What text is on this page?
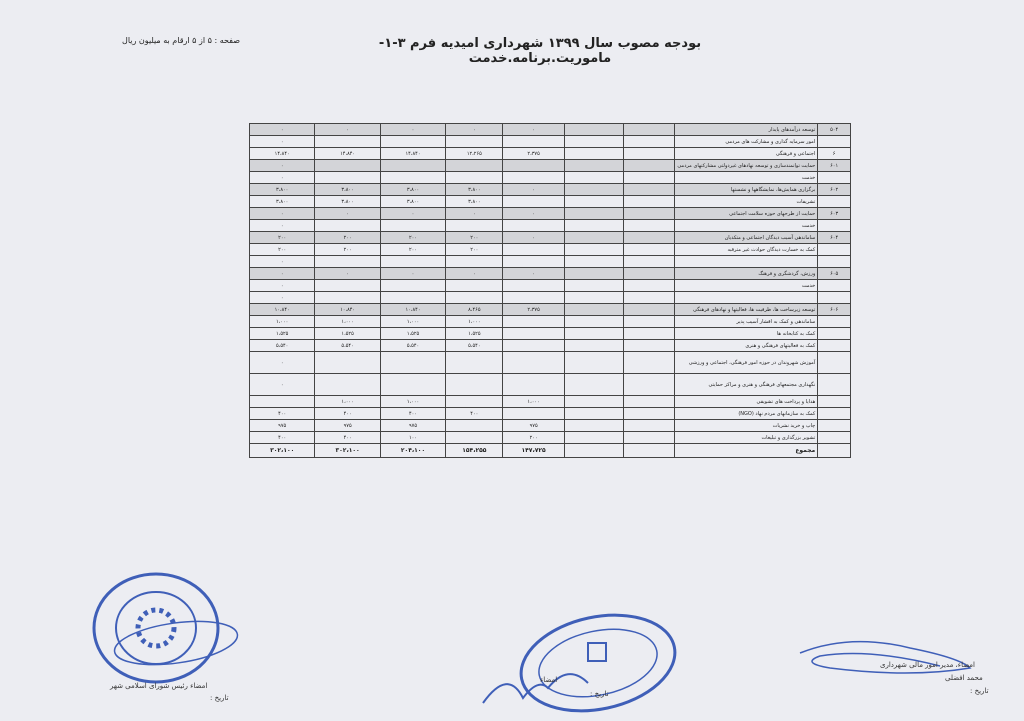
بودجه مصوب سال ۱۳۹۹ شهرداری امیدیه فرم ۳-۱-ماموریت.برنامه.خدمت
صفحه : ۵ از ۵ ارقام به میلیون ریال
۰	۰	۰	۰	۰			توسعه درآمدهای پایدار	۵۰۴
۰							امور سرمایه گذاری و مشارکت های مردمی	
۱۴،۸۴۰	۱۴،۸۴۰	۱۴،۸۴۰	۱۲،۲۶۵	۲،۳۷۵			اجتماعی و فرهنگی	۶
۰							حمایت توانمندسازی و توسعه نهادهای غیردولتی مشارکتهای مردمی	۶۰۱
۰							خدمت	
۳،۸۰۰	۳،۸۰۰	۳،۸۰۰	۳،۸۰۰	۰			برگزاری همایش‌ها، نمایشگاهها و نشستها	۶۰۲
۳،۸۰۰	۳،۸۰۰	۳،۸۰۰	۳،۸۰۰				تشریفات	
۰	۰	۰	۰	۰			حمایت از طرحهای حوزه سلامت اجتماعی	۶۰۳
۰							خدمت	
۲۰۰	۲۰۰	۲۰۰	۲۰۰	۰			ساماندهی آسیب دیدگان اجتماعی و متکدیان	۶۰۴
۲۰۰	۲۰۰	۲۰۰	۲۰۰				کمک به خسارت دیدگان حوادث غیر مترقبه	
۰								
۰	۰	۰	۰	۰			ورزش، گردشگری و فرهنگ	۶۰۵
۰							خدمت	
۰								
۱۰،۸۴۰	۱۰،۸۴۰	۱۰،۸۴۰	۸،۴۶۵	۲،۳۷۵			توسعه زیرساخت ها، ظرفیت ها، فعالیتها و نهادهای فرهنگی	۶۰۶
۱،۰۰۰	۱،۰۰۰	۱،۰۰۰	۱،۰۰۰				ساماندهی و کمک به اقشار آسیب پذیر	
۱،۵۲۵	۱،۵۲۵	۱،۵۲۵	۱،۵۲۵				کمک به کتابخانه ها	
۵،۵۴۰	۵،۵۴۰	۵،۵۴۰	۵،۵۴۰				کمک به فعالیتهای فرهنگی و هنری	
۰							آموزش شهروندان در حوزه امور فرهنگی، اجتماعی و ورزشی	
۰							نگهداری مجتمعهای فرهنگی و هنری و مراکز حمایتی	
	۱،۰۰۰	۱،۰۰۰		۱،۰۰۰			هدایا و پرداخت های تشویقی	
۴۰۰	۴۰۰	۴۰۰	۴۰۰				کمک به سازمانهای مردم نهاد (NGO)	
۹۷۵	۹۷۵	۹۷۵		۹۷۵			چاپ و خرید نشریات	
۴۰۰	۴۰۰	۱۰۰		۲۰۰			تشویر بزرگداری و تبلیغات	
۳۰۲،۱۰۰	۳۰۲،۱۰۰	۲۰۴،۱۰۰	۱۵۴،۲۵۵	۱۴۷،۷۲۵			مجموع	
امضاء رئیس شورای اسلامی شهر
تاریخ :
امضاء
تاریخ :
امضاء، مدیر امور مالی شهرداری
محمد افضلی
تاریخ :
